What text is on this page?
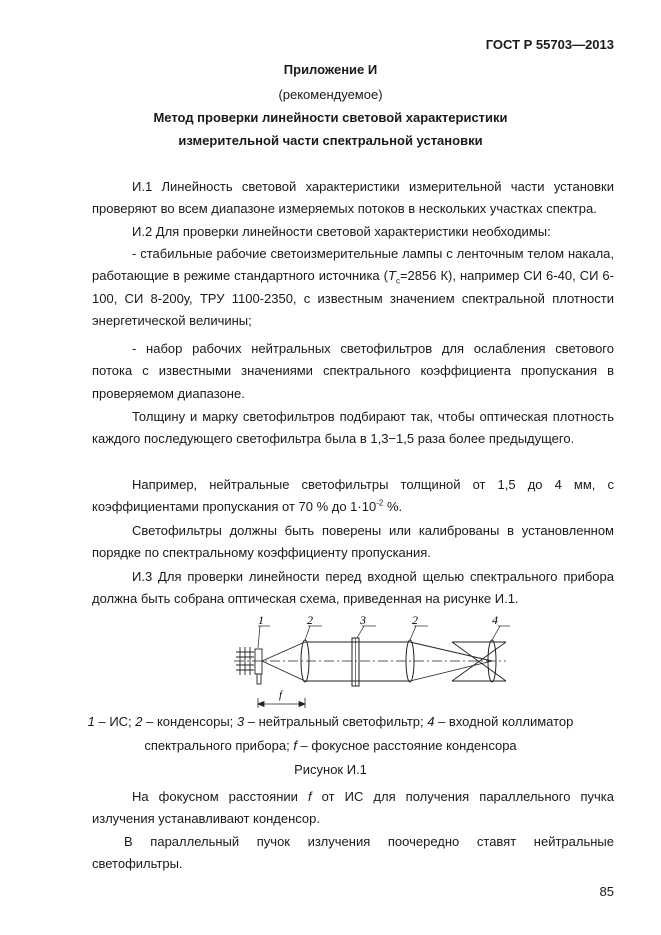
ГОСТ Р 55703—2013
Приложение И
(рекомендуемое)
Метод проверки линейности световой характеристики
измерительной части спектральной установки

И.1 Линейность световой характеристики измерительной части установки проверяют во всем диапазоне измеряемых потоков в нескольких участках спектра.

И.2 Для проверки линейности световой характеристики необходимы:

- стабильные рабочие светоизмерительные лампы с ленточным телом накала, работающие в режиме стандартного источника ($T_c=2856$ К), например СИ 6-40, СИ 6-100, СИ 8-200у, ТРУ 1100-2350, с известным значением спектральной плотности энергетической величины;

- набор рабочих нейтральных светофильтров для ослабления светового потока с известными значениями спектрального коэффициента пропускания в проверяемом диапазоне.

Толщину и марку светофильтров подбирают так, чтобы оптическая плотность каждого последующего светофильтра была в 1,3−1,5 раза более предыдущего.

Например, нейтральные светофильтры толщиной от 1,5 до 4 мм, с коэффициентами пропускания от 70 % до $1\cdot 10^{-2}$ %.

Светофильтры должны быть поверены или калиброваны в установленном порядке по спектральному коэффициенту пропускания.

И.3 Для проверки линейности перед входной щелью спектрального прибора должна быть собрана оптическая схема, приведенная на рисунке И.1.

1	2	3	2	4
f
1 – ИС; 2 – конденсоры; 3 – нейтральный светофильтр; 4 – входной коллиматор
спектрального прибора; f – фокусное расстояние конденсора
Рисунок И.1

На фокусном расстоянии f от ИС для получения параллельного пучка излучения устанавливают конденсор.

В параллельный пучок излучения поочередно ставят нейтральные светофильтры.

85
